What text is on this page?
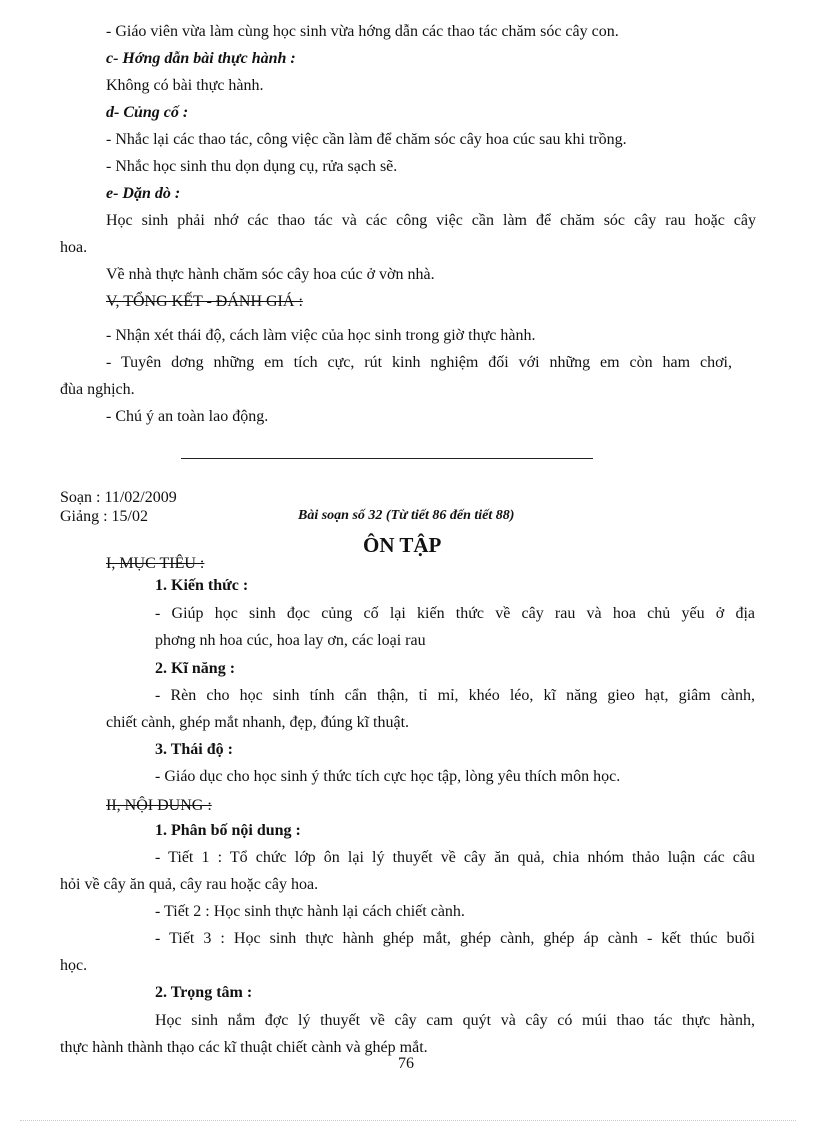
- Giáo viên vừa làm cùng học sinh vừa hớng dẫn các thao tác chăm sóc cây con.
c- Hớng dẫn bài thực hành :
Không có bài thực hành.
d- Củng cố :
- Nhắc lại các thao tác, công việc cần làm để chăm sóc cây hoa cúc sau khi trồng.
- Nhắc học sinh thu dọn dụng cụ, rửa sạch sẽ.
e- Dặn dò :
Học sinh phải nhớ các thao tác và các công việc cần làm để chăm sóc cây rau hoặc cây
hoa.
Về nhà thực hành chăm sóc cây hoa cúc ở vờn nhà.
V, TỔNG KẾT - ĐÁNH GIÁ :
- Nhận xét thái độ, cách làm việc của học sinh trong giờ thực hành.
- Tuyên dơng những em tích cực, rút kinh nghiệm đối với những em còn ham chơi,
đùa nghịch.
- Chú ý an toàn lao động.
Soạn : 11/02/2009
Giảng : 15/02	Bài soạn số 32 (Từ tiết 86 đến tiết 88)
ÔN TẬP
I, MỤC TIÊU :
1. Kiến thức :
- Giúp học sinh đọc củng cố lại kiến thức về cây rau và hoa chủ yếu ở địa
phơng nh hoa cúc, hoa lay ơn, các loại rau
2. Kĩ năng :
- Rèn cho học sinh tính cẩn thận, tỉ mỉ, khéo léo, kĩ năng gieo hạt, giâm cành,
chiết cành, ghép mắt nhanh, đẹp, đúng kĩ thuật.
3. Thái độ :
- Giáo dục cho học sinh ý thức tích cực học tập, lòng yêu thích môn học.
II, NỘI DUNG :
1. Phân bố nội dung :
- Tiết 1 : Tổ chức lớp ôn lại lý thuyết về cây ăn quả, chia nhóm thảo luận các câu
hỏi về cây ăn quả, cây rau hoặc cây hoa.
- Tiết 2 : Học sinh thực hành lại cách chiết cành.
- Tiết 3 : Học sinh thực hành ghép mắt, ghép cành, ghép áp cành - kết thúc buổi
học.
2. Trọng tâm :
Học sinh nắm đợc lý thuyết về cây cam quýt và cây có múi thao tác thực hành,
thực hành thành thạo các kĩ thuật chiết cành và ghép mắt.
76
